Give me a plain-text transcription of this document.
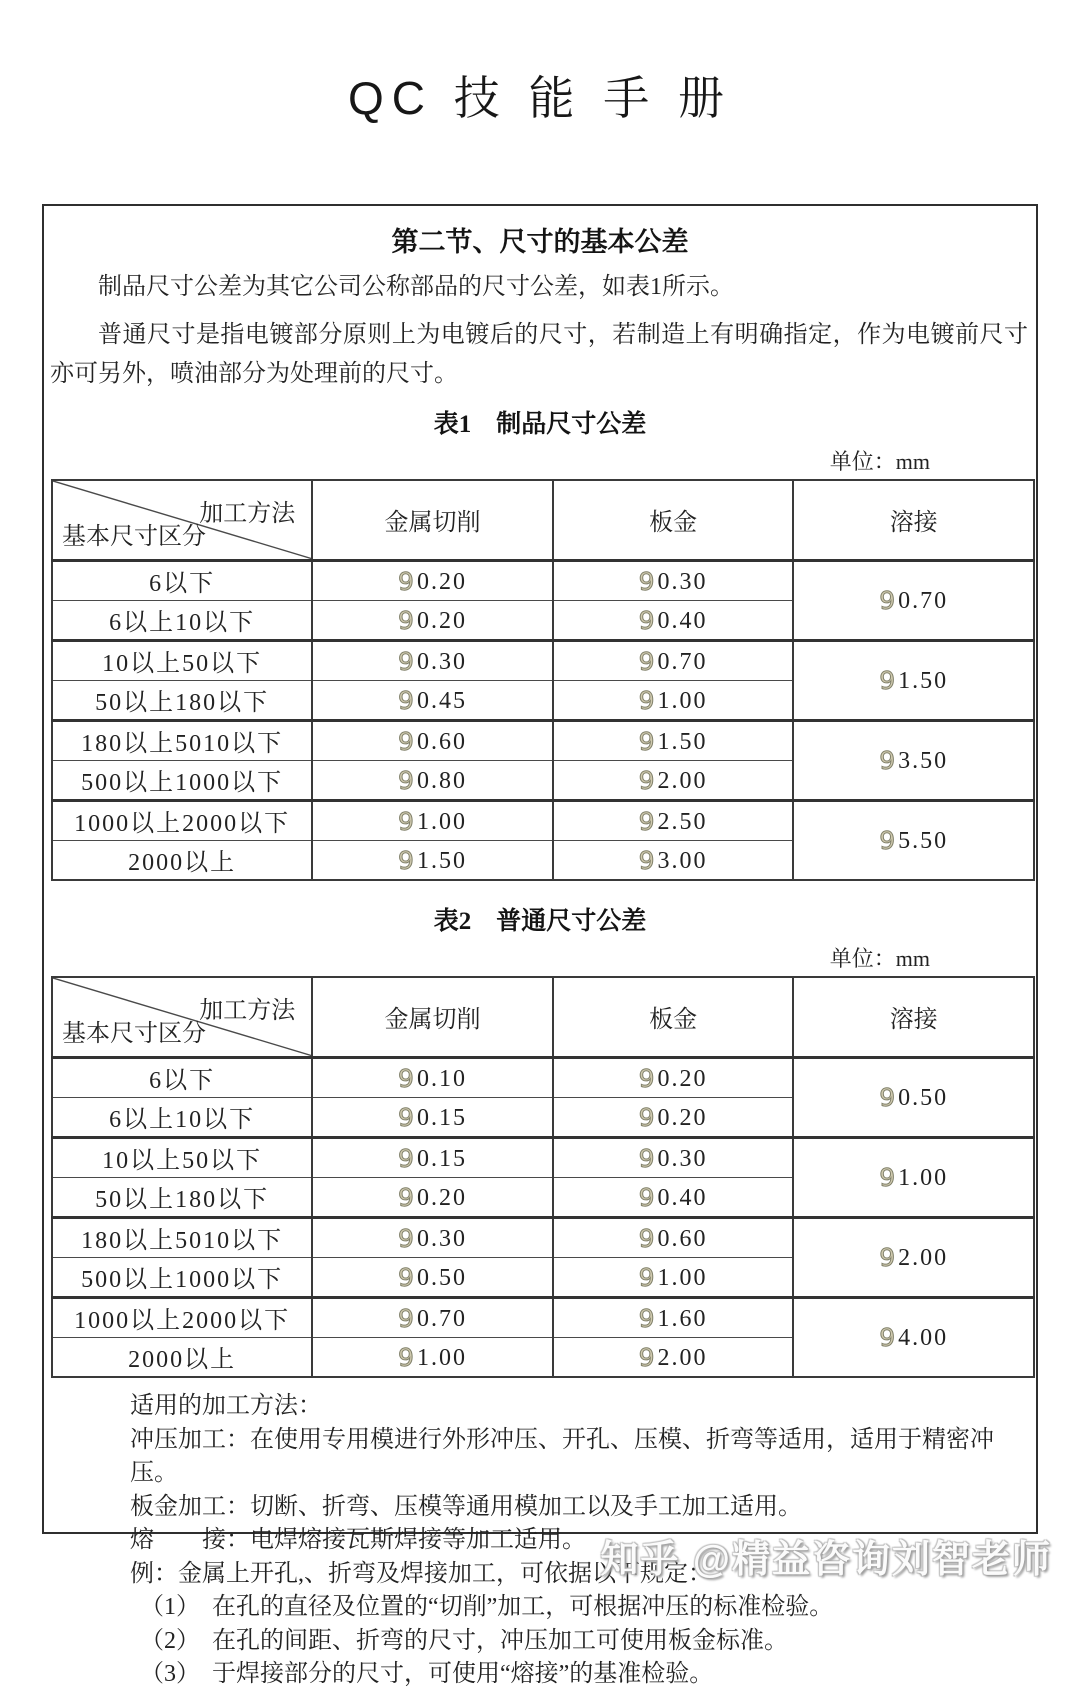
QC 技 能 手 册
第二节、尺寸的基本公差

制品尺寸公差为其它公司公称部品的尺寸公差，如表1所示。

普通尺寸是指电镀部分原则上为电镀后的尺寸，若制造上有明确指定，作为电镀前尺寸亦可另外，喷油部分为处理前的尺寸。

表1　制品尺寸公差
单位：mm
加工方法
基本尺寸区分	金属切削	板金	溶接
6以下	9 0.20	9 0.30	9 0.70
6以上10以下	9 0.20	9 0.40	
10以上50以下	9 0.30	9 0.70	9 1.50
50以上180以下	9 0.45	9 1.00	
180以上5010以下	9 0.60	9 1.50	9 3.50
500以上1000以下	9 0.80	9 2.00	
1000以上2000以下	9 1.00	9 2.50	9 5.50
2000以上	9 1.50	9 3.00	
表2　普通尺寸公差
单位：mm
加工方法
基本尺寸区分	金属切削	板金	溶接
6以下	9 0.10	9 0.20	9 0.50
6以上10以下	9 0.15	9 0.20	
10以上50以下	9 0.15	9 0.30	9 1.00
50以上180以下	9 0.20	9 0.40	
180以上5010以下	9 0.30	9 0.60	9 2.00
500以上1000以下	9 0.50	9 1.00	
1000以上2000以下	9 0.70	9 1.60	9 4.00
2000以上	9 1.00	9 2.00	
适用的加工方法：
冲压加工：在使用专用模进行外形冲压、开孔、压模、折弯等适用，适用于精密冲压。
板金加工：切断、折弯、压模等通用模加工以及手工加工适用。
熔　　接：电焊熔接瓦斯焊接等加工适用。
例：金属上开孔,、折弯及焊接加工，可依据以下规定：
（1）　在孔的直径及位置的“切削”加工，可根据冲压的标准检验。
（2）　在孔的间距、折弯的尺寸，冲压加工可使用板金标准。
（3）　于焊接部分的尺寸，可使用“熔接”的基准检验。
知乎 @精益咨询刘智老师
